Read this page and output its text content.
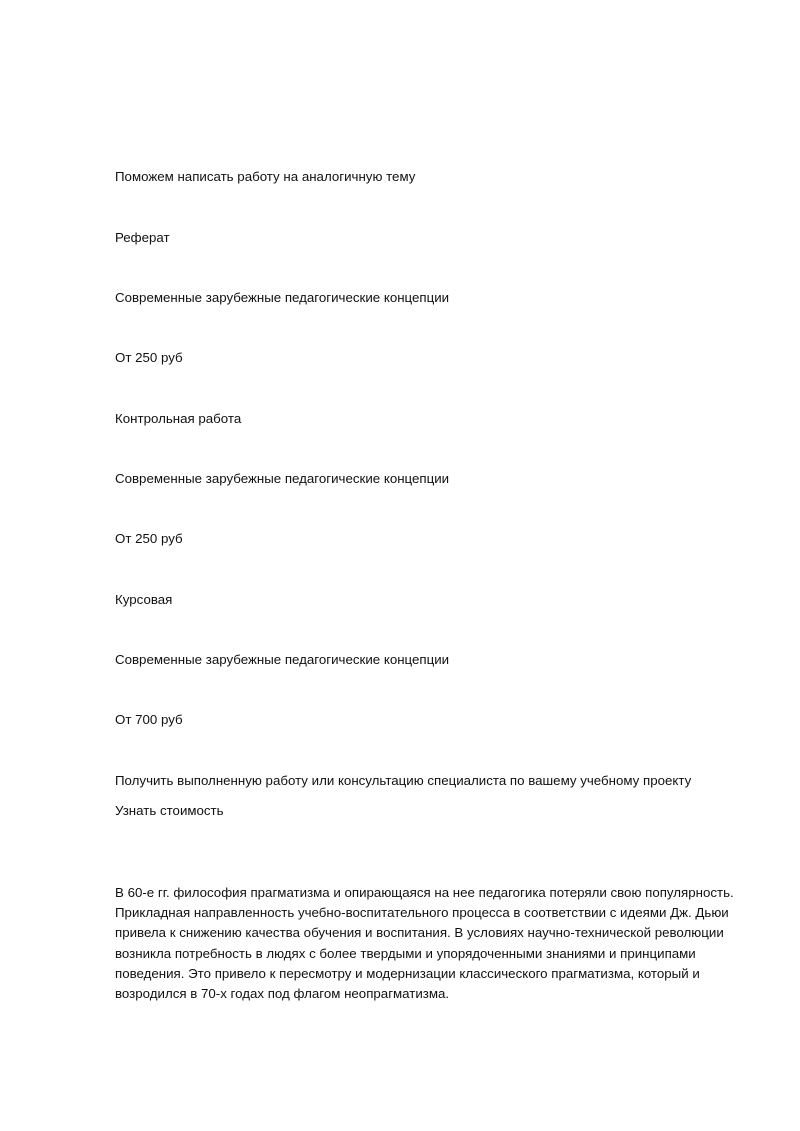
Поможем написать работу на аналогичную тему

Реферат

Современные зарубежные педагогические концепции

От 250 руб

Контрольная работа

Современные зарубежные педагогические концепции

От 250 руб

Курсовая

Современные зарубежные педагогические концепции

От 700 руб

Получить выполненную работу или консультацию специалиста по вашему учебному проекту

Узнать стоимость

В 60-е гг. философия прагматизма и опирающаяся на нее педагогика потеряли свою популярность.
Прикладная направленность учебно-воспитательного процесса в соответствии с идеями Дж. Дьюи
привела к снижению качества обучения и воспитания. В условиях научно-технической революции
возникла потребность в людях с более твердыми и упорядоченными знаниями и принципами
поведения. Это привело к пересмотру и модернизации классического прагматизма, который и
возродился в 70-х годах под флагом неопрагматизма.
